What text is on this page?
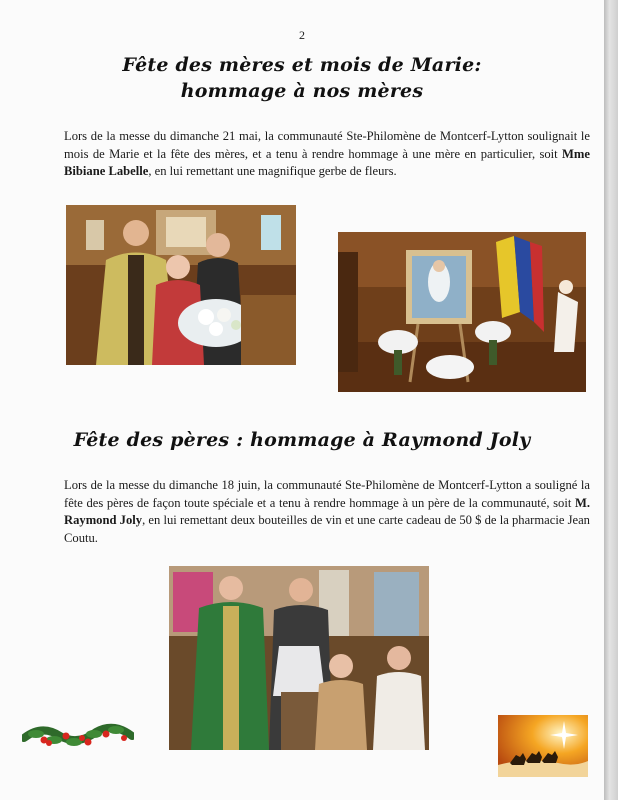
2
Fête des mères et mois de Marie:
hommage à nos mères
Lors de la messe du dimanche 21 mai, la communauté Ste-Philomène de Montcerf-Lytton soulignait le mois de Marie et la fête des mères, et a tenu à rendre hommage à une mère en particulier, soit Mme Bibiane Labelle, en lui remettant une magnifique gerbe de fleurs.
Fête des pères : hommage à Raymond Joly
Lors de la messe du dimanche 18 juin, la communauté Ste-Philomène de Montcerf-Lytton a souligné la fête des pères de façon toute spéciale et a tenu à rendre hommage à un père de la communauté, soit M. Raymond Joly, en lui remettant deux bouteilles de vin et une carte cadeau de 50 $ de la pharmacie Jean Coutu.
